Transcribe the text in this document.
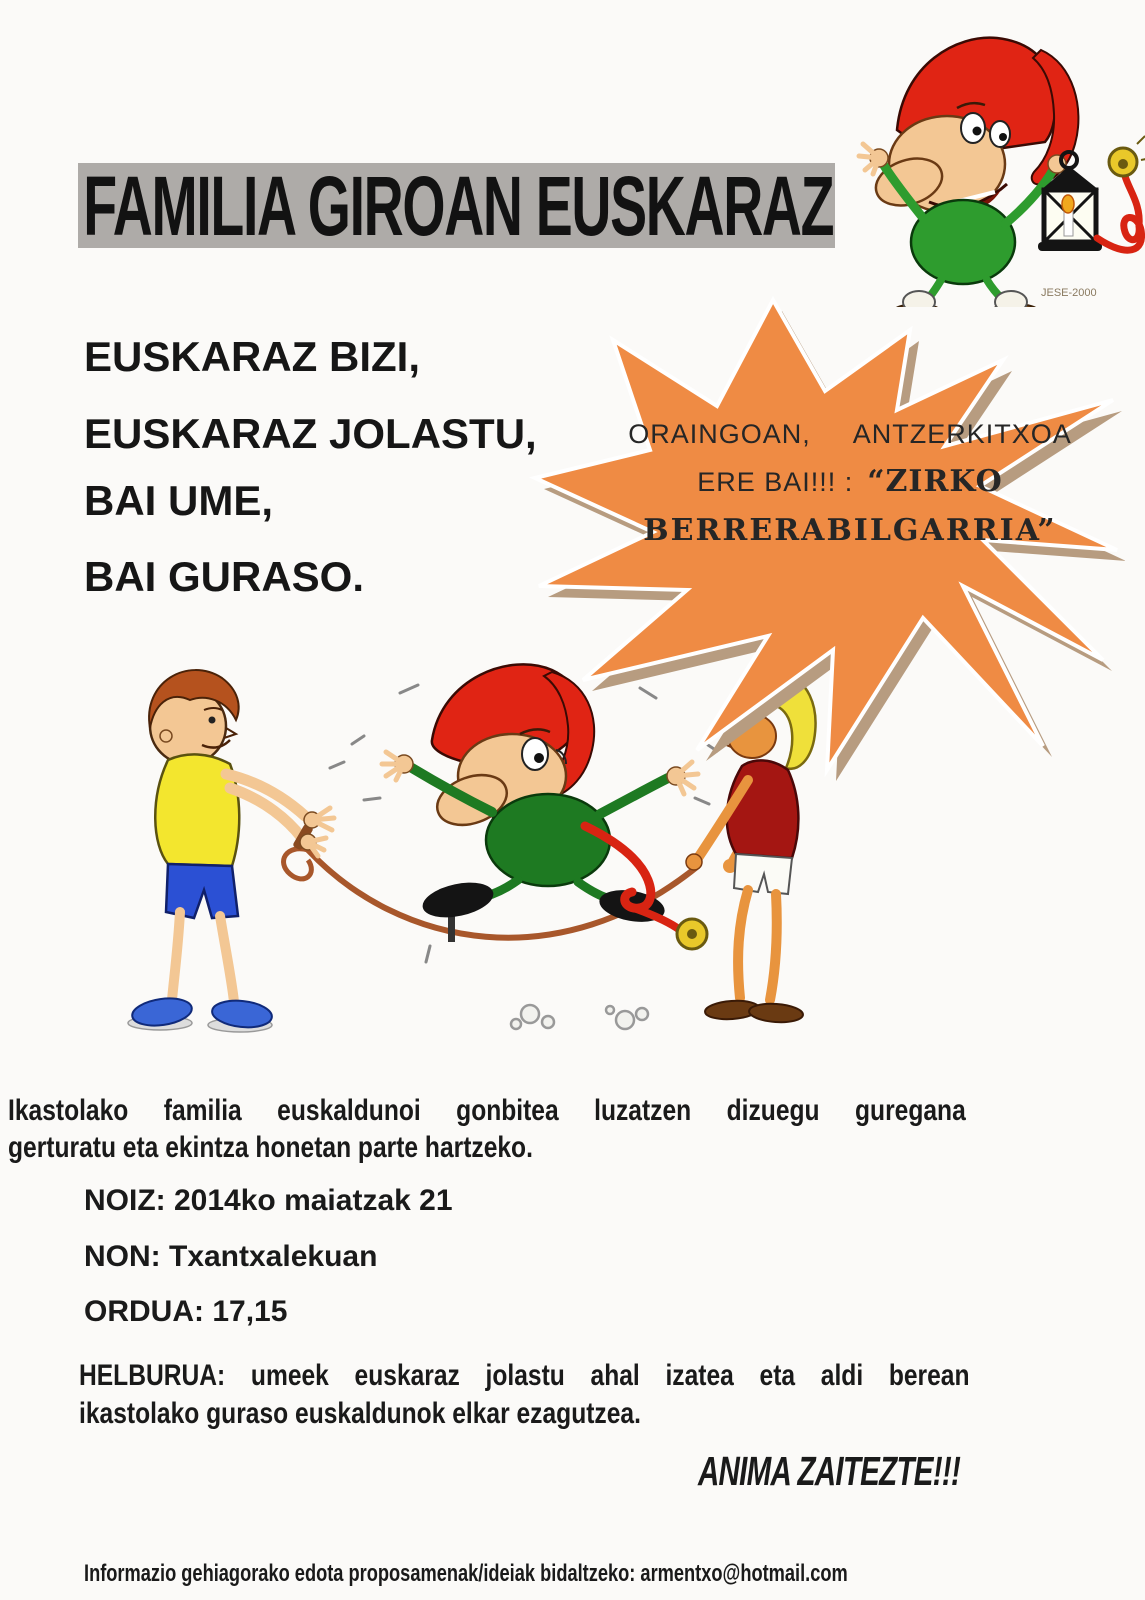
FAMILIA GIROAN EUSKARAZ
JESE-2000
EUSKARAZ BIZI,
EUSKARAZ JOLASTU,
BAI UME,
BAI GURASO.
ORAINGOAN,   ANTZERKITXOA
ERE BAI!!! : “ZIRKO
BERRERABILGARRIA”
Ikastolako familia euskaldunoi gonbitea luzatzen dizuegu guregana
gerturatu eta ekintza honetan parte hartzeko.
NOIZ: 2014ko maiatzak 21
NON: Txantxalekuan
ORDUA: 17,15
HELBURUA: umeek euskaraz jolastu ahal izatea eta aldi berean
ikastolako guraso euskaldunok elkar ezagutzea.
ANIMA ZAITEZTE!!!
Informazio gehiagorako edota proposamenak/ideiak bidaltzeko: armentxo@hotmail.com
